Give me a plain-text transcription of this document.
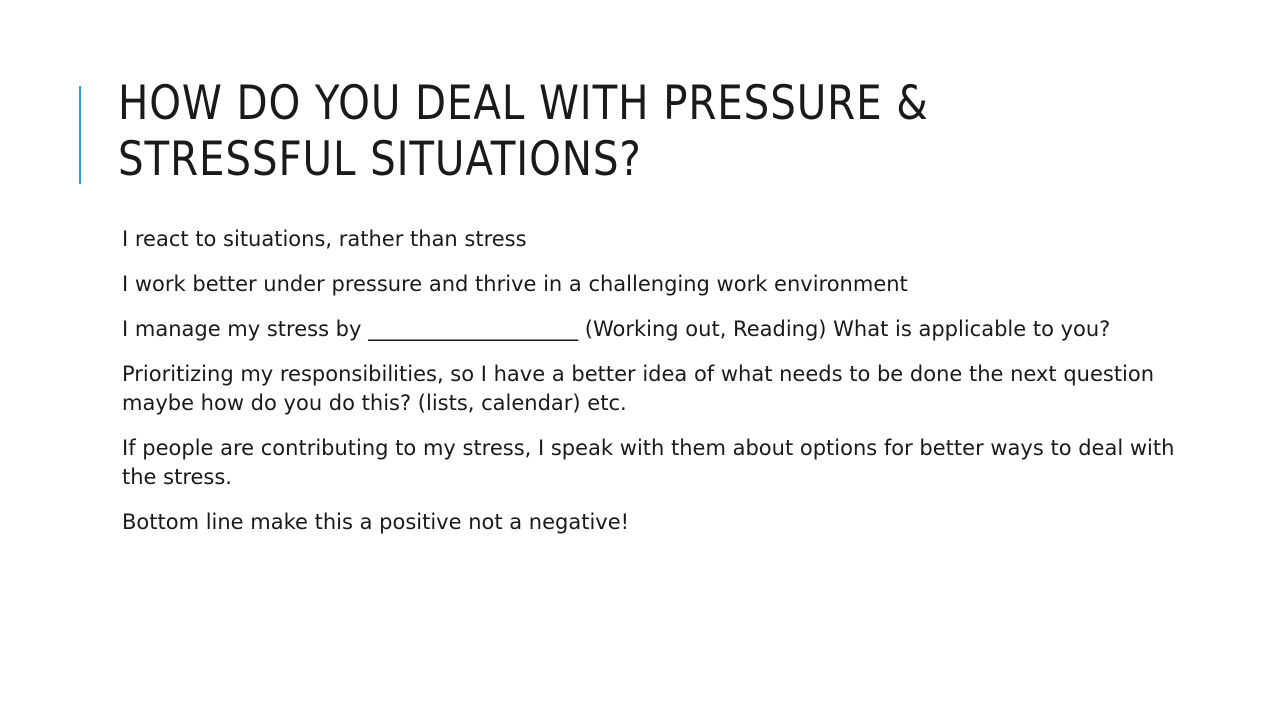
HOW DO YOU DEAL WITH PRESSURE & STRESSFUL SITUATIONS?
I react to situations, rather than stress
I work better under pressure and thrive in a challenging work environment
I manage my stress by ____________________ (Working out, Reading) What is applicable to you?
Prioritizing my responsibilities, so I have a better idea of what needs to be done the next question maybe how do you do this? (lists, calendar) etc.
If people are contributing to my stress, I speak with them about options for better ways to deal with the stress.
Bottom line make this a positive not a negative!
